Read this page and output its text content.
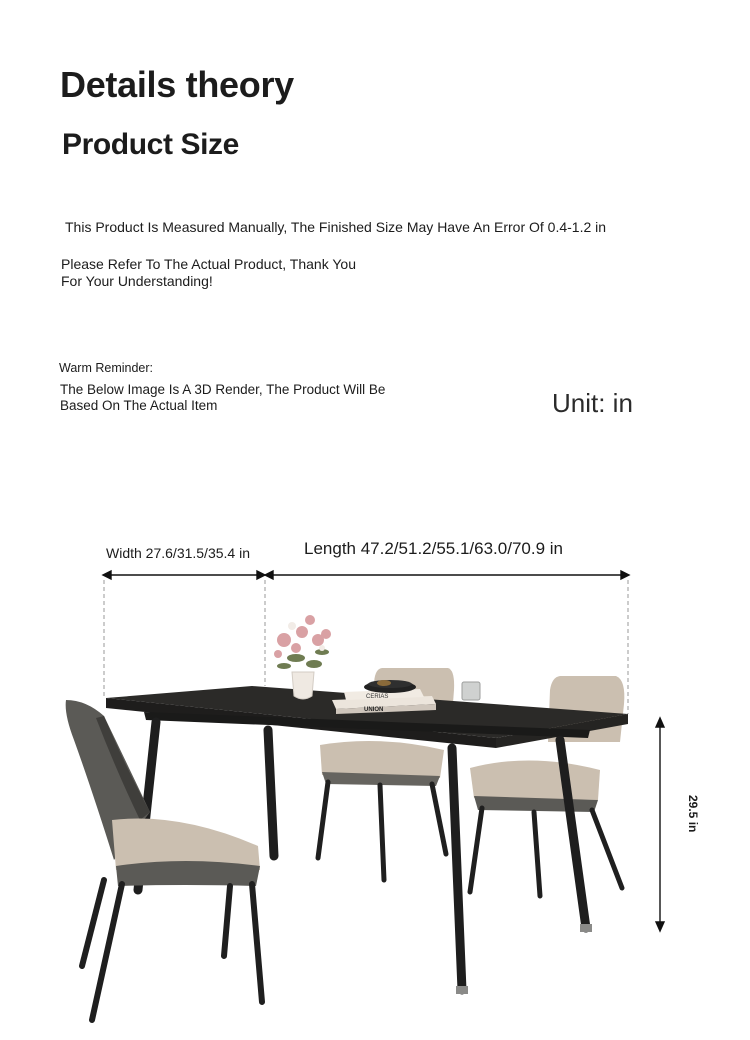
Details theory
Product Size
This Product Is Measured Manually, The Finished Size May Have An Error Of 0.4-1.2 in
Please Refer To The Actual Product, Thank You
For Your Understanding!
Warm Reminder:
The Below Image Is A 3D Render, The Product Will Be
Based On The Actual Item	Unit: in
Width 27.6/31.5/35.4 in	Length 47.2/51.2/55.1/63.0/70.9 in
29.5 in
CERIAS
UNION
